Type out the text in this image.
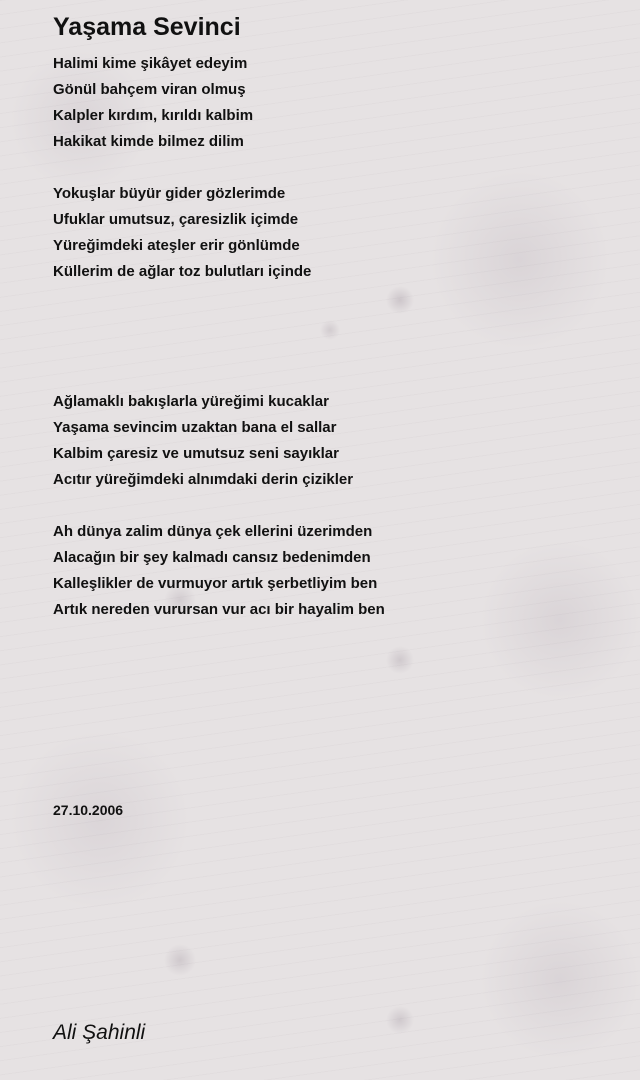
Yaşama Sevinci
Halimi kime şikâyet edeyim
Gönül bahçem viran olmuş
Kalpler kırdım, kırıldı kalbim
Hakikat kimde bilmez dilim
Yokuşlar büyür gider gözlerimde
Ufuklar umutsuz, çaresizlik içimde
Yüreğimdeki ateşler erir gönlümde
Küllerim de ağlar toz bulutları içinde
Ağlamaklı bakışlarla yüreğimi kucaklar
Yaşama sevincim uzaktan bana el sallar
Kalbim çaresiz ve umutsuz seni sayıklar
Acıtır yüreğimdeki alnımdaki derin çizikler
Ah dünya zalim dünya çek ellerini üzerimden
Alacağın bir şey kalmadı cansız bedenimden
Kalleşlikler de vurmuyor artık şerbetliyim ben
Artık nereden vurursan vur acı bir hayalim ben
27.10.2006
Ali Şahinli
